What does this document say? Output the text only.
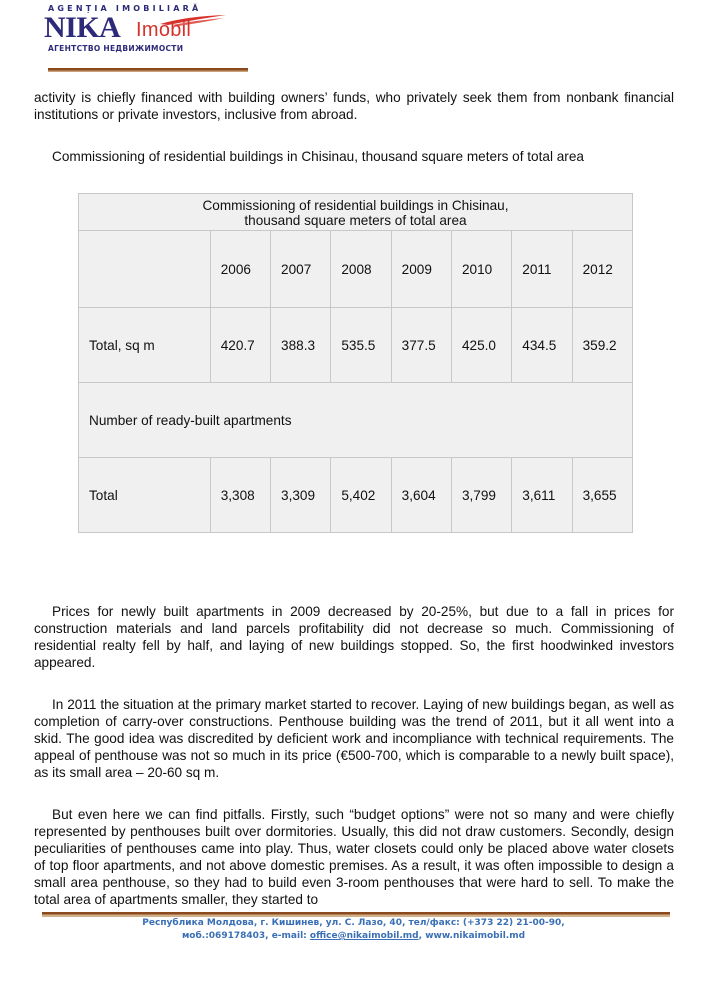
AGENȚIA IMOBILIARĂ
NIKA Imobil
АГЕНТСТВО НЕДВИЖИМОСТИ

activity is chiefly financed with building owners’ funds, who privately seek them from nonbank financial institutions or private investors, inclusive from abroad.

Commissioning of residential buildings in Chisinau, thousand square meters of total area
Commissioning of residential buildings in Chisinau,
thousand square meters of total area							
	2006	2007	2008	2009	2010	2011	2012
Total, sq m	420.7	388.3	535.5	377.5	425.0	434.5	359.2
Number of ready-built apartments							
Total	3,308	3,309	5,402	3,604	3,799	3,611	3,655

Prices for newly built apartments in 2009 decreased by 20-25%, but due to a fall in prices for construction materials and land parcels profitability did not decrease so much. Commissioning of residential realty fell by half, and laying of new buildings stopped. So, the first hoodwinked investors appeared.

In 2011 the situation at the primary market started to recover. Laying of new buildings began, as well as completion of carry-over constructions. Penthouse building was the trend of 2011, but it all went into a skid. The good idea was discredited by deficient work and incompliance with technical requirements. The appeal of penthouse was not so much in its price (€500-700, which is comparable to a newly built space), as its small area – 20-60 sq m.

But even here we can find pitfalls. Firstly, such “budget options” were not so many and were chiefly represented by penthouses built over dormitories. Usually, this did not draw customers. Secondly, design peculiarities of penthouses came into play. Thus, water closets could only be placed above water closets of top floor apartments, and not above domestic premises. As a result, it was often impossible to design a small area penthouse, so they had to build even 3-room penthouses that were hard to sell. To make the total area of apartments smaller, they started to

Республика Молдова, г. Кишинев, ул. С. Лазо, 40, тел/факс: (+373 22) 21-00-90,
моб.:069178403, e-mail: office@nikaimobil.md, www.nikaimobil.md
